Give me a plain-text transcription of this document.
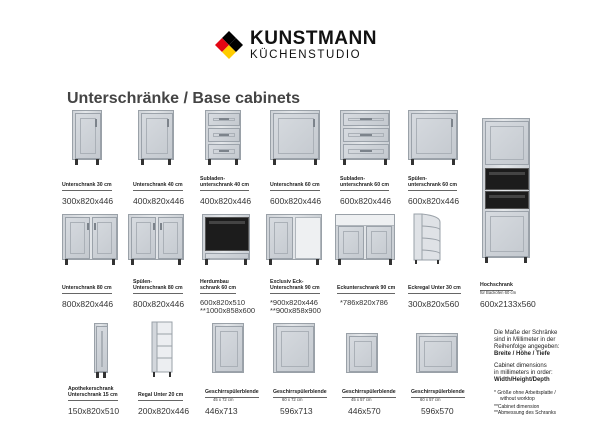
KUNSTMANN
KÜCHENSTUDIO
Unterschränke / Base cabinets
Unterschrank 30 cm
300x820x446
Unterschrank 40 cm
400x820x446
Subladen-
unterschrank 40 cm
400x820x446
Unterschrank 60 cm
600x820x446
Subladen-
unterschrank 60 cm
600x820x446
Spülen-
unterschrank 60 cm
600x820x446
Unterschrank 80 cm
800x820x446
Spülen-
Unterschrank 80 cm
800x820x446
Herdumbau
schrank 60 cm
600x820x510
**1000x858x600
Exclusiv Eck-
Unterschrank 90 cm
*900x820x446
**900x858x900
Eckunterschrank 90 cm
*786x820x786
Eckregal Unter 30 cm
300x820x560
Hochschrank
für Backofen 60 cm
600x2133x560
Apothekerschrank
Unterschrank 15 cm
150x820x510
Regal Unter 20 cm
200x820x446
Geschirrspülerblende
45 x 72 cm
446x713
Geschirrspülerblende
60 x 72 cm
596x713
Geschirrspülerblende
45 x 57 cm
446x570
Geschirrspülerblende
60 x 57 cm
596x570
Die Maße der Schränke
sind in Millimeter in der
Reihenfolge angegeben:
Breite / Höhe / Tiefe
Cabinet dimensions
in millimeters in order:
Width/Height/Depth
* Größe ohne Arbeitsplatte /
without worktop
**Cabinet dimension
**Abmessung des Schranks
